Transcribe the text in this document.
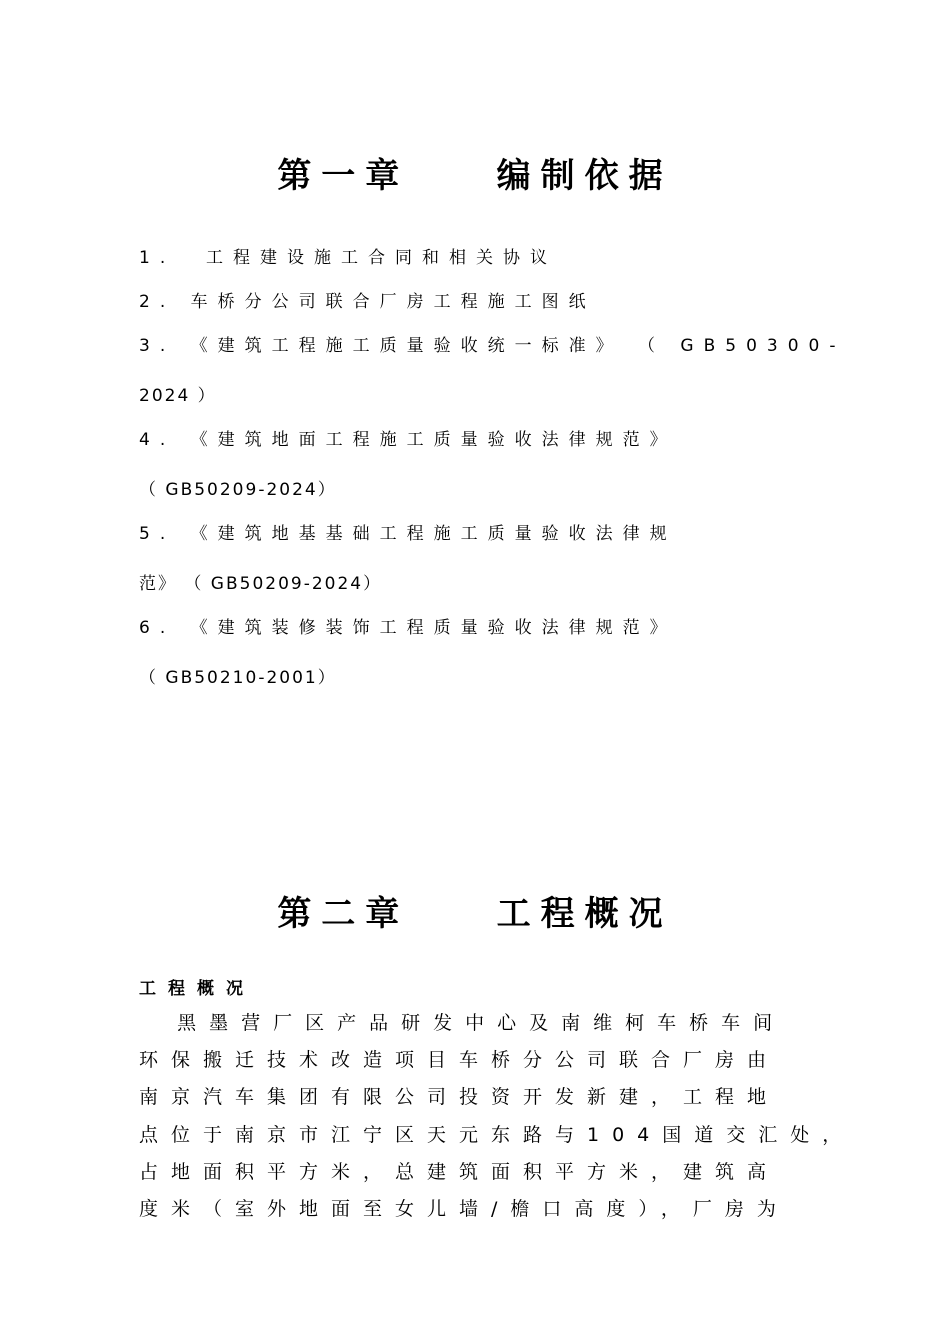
第一章    编制依据
1.  工程建设施工合同和相关协议
2. 车桥分公司联合厂房工程施工图纸
3. 《建筑工程施工质量验收统一标准》 （ GB50300-
2024 ）
4. 《建筑地面工程施工质量验收法律规范》
（ GB50209-2024）
5. 《建筑地基基础工程施工质量验收法律规
范》 （ GB50209-2024）
6. 《建筑装修装饰工程质量验收法律规范》
（ GB50210-2001）
第二章    工程概况
工程概况
黑墨营厂区产品研发中心及南维柯车桥车间
环保搬迁技术改造项目车桥分公司联合厂房由
南京汽车集团有限公司投资开发新建，工程地
点位于南京市江宁区天元东路与104国道交汇处，
占地面积平方米，总建筑面积平方米，建筑高
度米（室外地面至女儿墙/檐口高度），厂房为
